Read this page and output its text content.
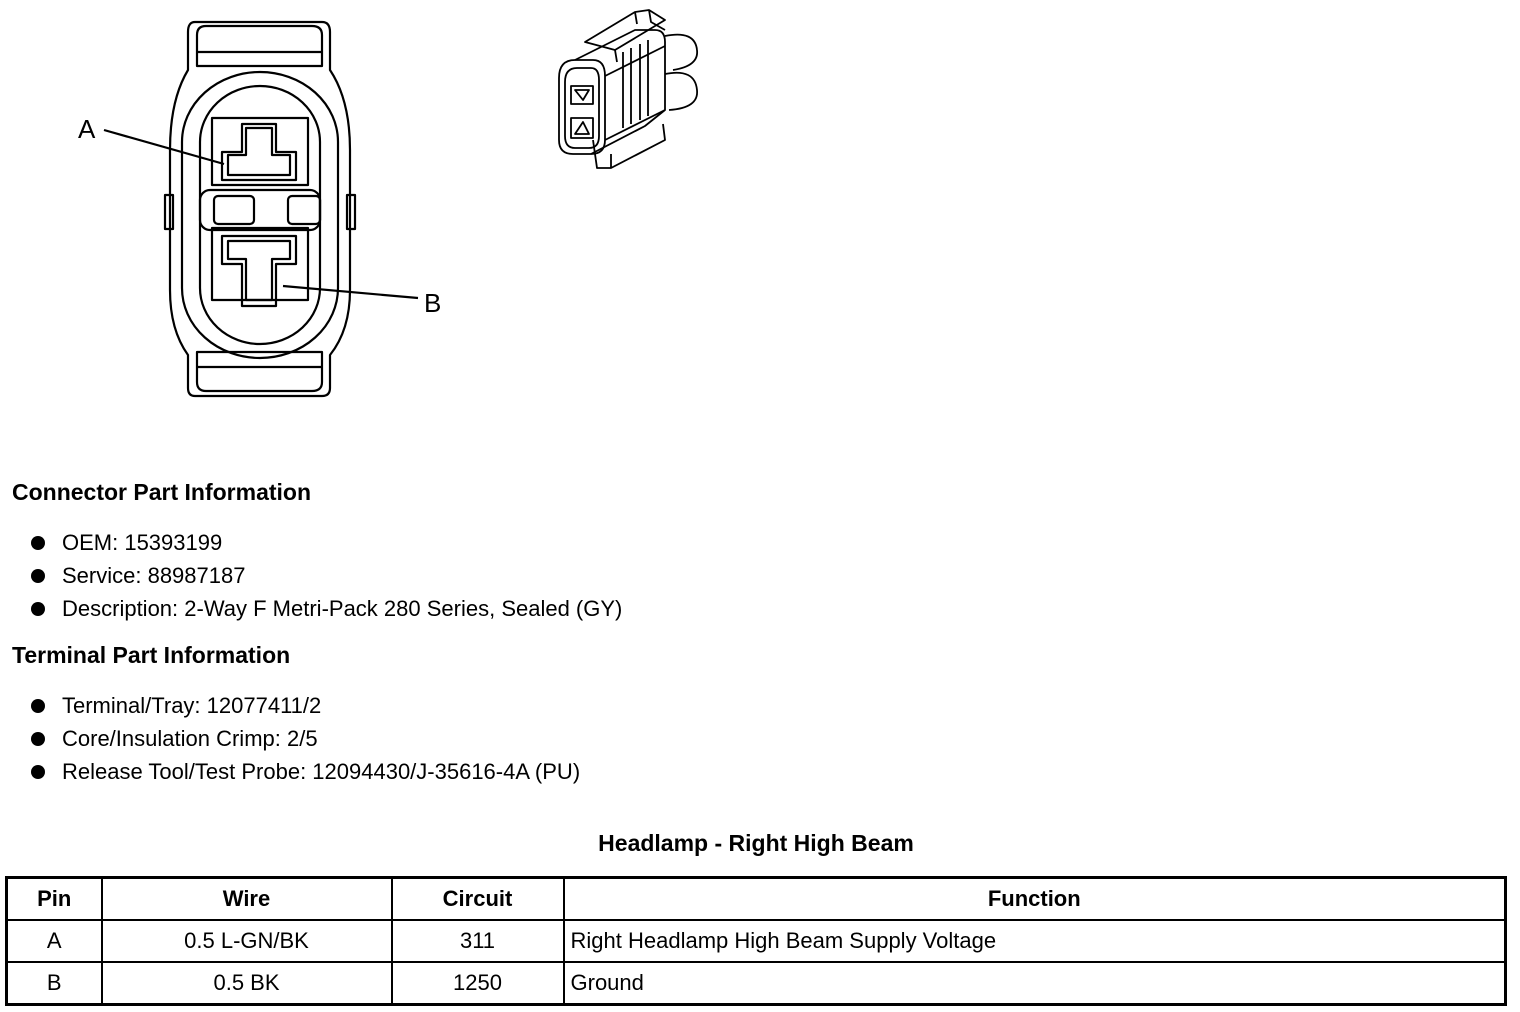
A
B
Connector Part Information
OEM: 15393199
Service: 88987187
Description: 2-Way F Metri-Pack 280 Series, Sealed (GY)
Terminal Part Information
Terminal/Tray: 12077411/2
Core/Insulation Crimp: 2/5
Release Tool/Test Probe: 12094430/J-35616-4A (PU)
Headlamp - Right High Beam
Pin	Wire	Circuit	Function
A	0.5 L-GN/BK	311	Right Headlamp High Beam Supply Voltage
B	0.5 BK	1250	Ground
